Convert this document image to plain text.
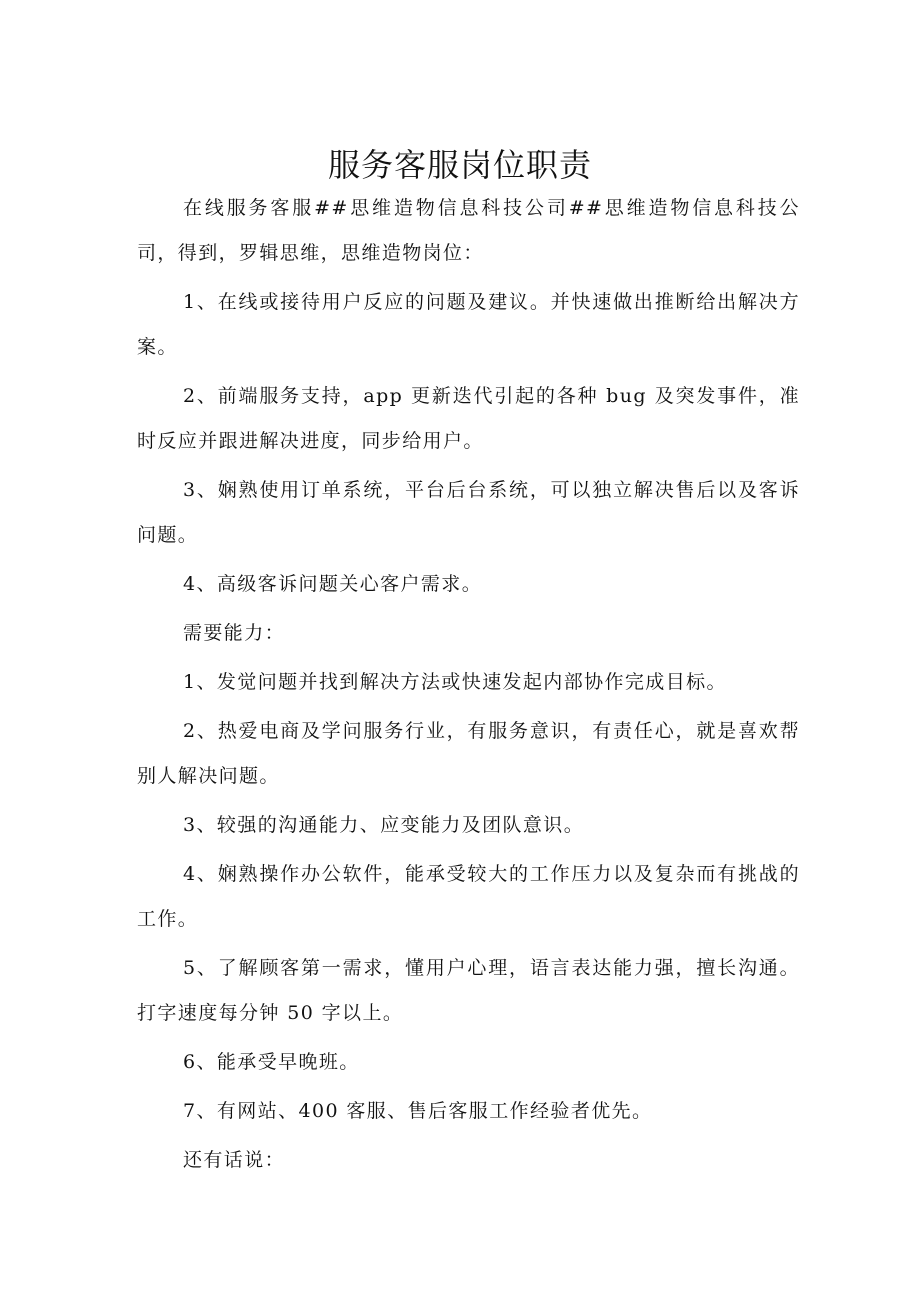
服务客服岗位职责

在线服务客服##思维造物信息科技公司##思维造物信息科技公司，得到，罗辑思维，思维造物岗位：

1、在线或接待用户反应的问题及建议。并快速做出推断给出解决方案。

2、前端服务支持，app 更新迭代引起的各种 bug 及突发事件，准时反应并跟进解决进度，同步给用户。

3、娴熟使用订单系统，平台后台系统，可以独立解决售后以及客诉问题。

4、高级客诉问题关心客户需求。

需要能力：

1、发觉问题并找到解决方法或快速发起内部协作完成目标。

2、热爱电商及学问服务行业，有服务意识，有责任心，就是喜欢帮别人解决问题。

3、较强的沟通能力、应变能力及团队意识。

4、娴熟操作办公软件，能承受较大的工作压力以及复杂而有挑战的工作。

5、了解顾客第一需求，懂用户心理，语言表达能力强，擅长沟通。打字速度每分钟 50 字以上。

6、能承受早晚班。

7、有网站、400 客服、售后客服工作经验者优先。

还有话说：
